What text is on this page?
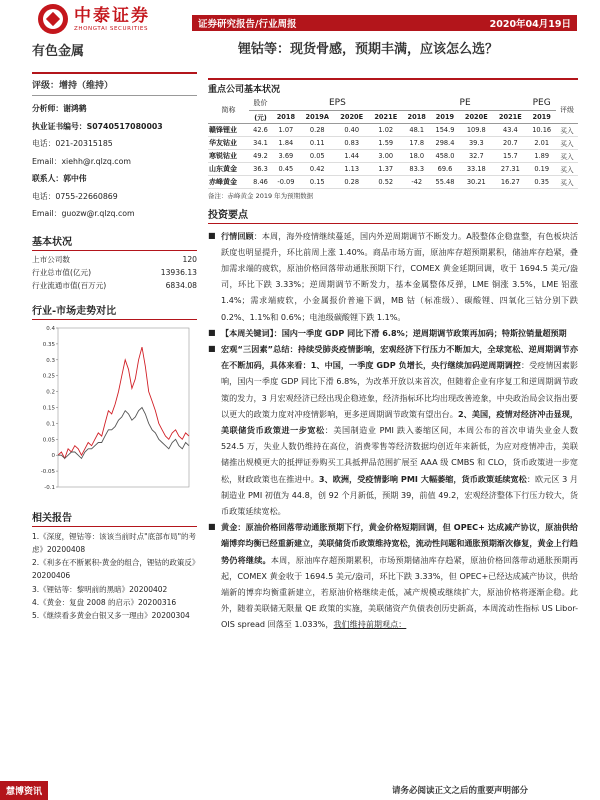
中泰证券
ZHONGTAI SECURITIES	证券研究报告/行业周报	2020年04月19日
有色金属	锂钴等：现货骨感，预期丰满，应该怎么选？
评级：增持（维持）
分析师：谢鸿鹤
执业证书编号：S0740517080003
电话：021-20315185
Email：xiehh@r.qlzq.com
联系人：郭中伟
电话：0755-22660869
Email：guozw@r.qlzq.com
基本状况
上市公司数	120
行业总市值(亿元)	13936.13
行业流通市值(百万元)	6834.08
行业-市场走势对比
0.4
0.35
0.3
0.25
0.2
0.15
0.1
0.05
0
-0.05
-0.1
相关报告
1.《深度，锂钴等：该该当前时点"底部布局"的考虑》20200408
2.《利多在不断累积-黄金的组合，锂钴的政策反》20200406
3.《锂钴等：黎明前的黑暗》20200402
4.《黄金：复盘 2008 的启示》20200316
5.《继续看多黄金白银又多一理由》20200304
重点公司基本状况
简称	股价	EPS				PE				PEG	评级
	(元)	2018	2019A	2020E	2021E	2018	2019	2020E	2021E	2019	
赣锋锂业	42.6	1.07	0.28	0.40	1.02	48.1	154.9	109.8	43.4	10.16	买入
华友钴业	34.1	1.84	0.11	0.83	1.59	17.8	298.4	39.3	20.7	2.01	买入
寒锐钴业	49.2	3.69	0.05	1.44	3.00	18.0	458.0	32.7	15.7	1.89	买入
山东黄金	36.3	0.45	0.42	1.13	1.37	83.3	69.6	33.18	27.31	0.19	买入
赤峰黄金	8.46	-0.09	0.15	0.28	0.52	-42	55.48	30.21	16.27	0.35	买入
备注：赤峰黄金 2019 年为预期数据
投资要点
■ 行情回顾：本周，海外疫情继续蔓延，国内外逆周期调节不断发力。A股整体企稳盘整，有色板块活跃度也明显提升，环比前周上涨 1.40%。商品市场方面，原油库存超预期累积，储油库存趋紧，叠加需求端的疲软，原油价格回落带动通胀预期下行，COMEX 黄金延期回调，收于 1694.5 美元/盎司，环比下跌 3.33%；逆周期调节不断发力，基本金属整体反弹，LME 铜涨 3.5%，LME 铝涨 1.4%；需求端疲软，小金属报价普遍下调，MB 钴（标准级）、碳酸锂、四氧化三钴分别下跌 0.2%、1.1%和 0.6%；电池级碳酸锂下跌 1.1%。
■ 【本周关键词】：国内一季度 GDP 同比下滑 6.8%；逆周期调节政策再加码；特斯拉销量超预期
■ 宏观“三因素”总结：持续受肺炎疫情影响，宏观经济下行压力不断加大，全球宽松、逆周期调节亦在不断加码，具体来看：1、中国，一季度 GDP 负增长，央行继续加码逆周期调控：受疫情因素影响，国内一季度 GDP 同比下滑 6.8%，为改革开放以来首次，但随着企业有序复工和逆周期调节政策的发力，3 月宏观经济已经出现企稳迹象，经济指标环比均出现改善迹象，中央政治局会议指出要以更大的政策力度对冲疫情影响，更多逆周期调节政策有望出台。2、美国，疫情对经济冲击显现，美联储货币政策进一步宽松：美国制造业 PMI 跌入萎缩区间，本周公布的首次申请失业金人数 524.5 万，失业人数仍维持在高位，消费零售等经济数据均创近年来新低，为应对疫情冲击，美联储推出规模更大的抵押证券购买工具抵押品范围扩展至 AAA 级 CMBS 和 CLO，货币政策进一步宽松，财政政策也在推进中。3、欧洲，受疫情影响 PMI 大幅萎缩，货币政策延续宽松：欧元区 3 月制造业 PMI 初值为 44.8，创 92 个月新低，预期 39，前值 49.2，宏观经济整体下行压力较大，货币政策延续宽松。
■ 黄金：原油价格回落带动通胀预期下行，黄金价格短期回调，但 OPEC+ 达成减产协议，原油供给端博弈均衡已经重新建立，美联储货币政策维持宽松，流动性问题和通胀预期渐次修复，黄金上行趋势仍将继续。本周，原油库存超预期累积，市场预期储油库存趋紧，原油价格回落带动通胀预期再起，COMEX 黄金收于 1694.5 美元/盎司，环比下跌 3.33%，但 OPEC+已经达成减产协议，供给端新的博弈均衡重新建立，若原油价格继续走低，减产规模或继续扩大，原油价格将逐渐企稳。此外，随着美联储无限量 QE 政策的实施，美联储资产负债表创历史新高，本周流动性指标 US Libor-OIS spread 回落至 1.033%，我们维持前期观点：
慧博资讯	请务必阅读正文之后的重要声明部分
